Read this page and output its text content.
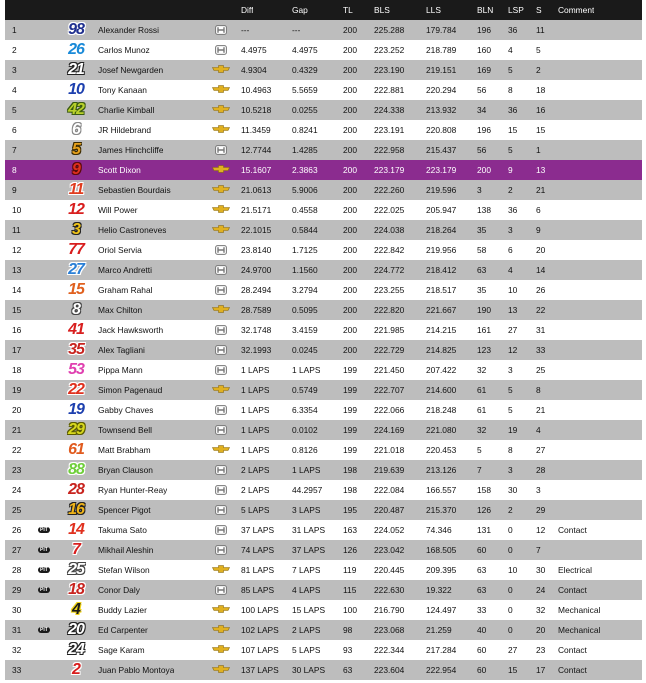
Diff	Gap	TL	BLS	LLS	BLN LSP S Comment
1	98	Alexander Rossi	---	---	200 225.288	179.784 196 36 11
2	26	Carlos Munoz	4.4975	4.4975	200 223.252	218.789 160 4	5
3	21	Josef Newgarden	4.9304	0.4329	200 223.190	219.151 169 5	2
4	10	Tony Kanaan	10.4963 5.5659	200 222.881	220.294 56	8	18
5	42	Charlie Kimball	10.5218 0.0255	200 224.338	213.932 34	36 16
6	6	JR Hildebrand	11.3459	0.8241	200 223.191	220.808 196 15 15
7	5	James Hinchcliffe	12.7744 1.4285	200 222.958	215.437 56	5	1
8	9	Scott Dixon	15.1607 2.3863	200 223.179	223.179 200 9	13
9	11	Sebastien Bourdais	21.0613 5.9006	200 222.260	219.596 3	2	21
10	12	Will Power	21.5171 0.4558	200 222.025	205.947 138 36 6
11	3	Helio Castroneves	22.1015 0.5844	200 224.038	218.264 35	3	9
12	77	Oriol Servia	23.8140 1.7125	200 222.842	219.956 58	6	20
13	27	Marco Andretti	24.9700 1.1560	200 224.772	218.412 63	4	14
14	15	Graham Rahal	28.2494 3.2794	200 223.255	218.517 35	10 26
15	8	Max Chilton	28.7589 0.5095	200 222.820	221.667 190 13 22
16	41	Jack Hawksworth	32.1748 3.4159	200 221.985	214.215 161 27 31
17	35	Alex Tagliani	32.1993 0.0245	200 222.729	214.825 123 12 33
18	53	Pippa Mann	1 LAPS	1 LAPS	199 221.450	207.422 32	3	25
19	22	Simon Pagenaud	1 LAPS	0.5749	199 222.707	214.600 61	5	8
20	19	Gabby Chaves	1 LAPS	6.3354	199 222.066	218.248 61	5	21
21	29	Townsend Bell	1 LAPS	0.0102	199 224.169	221.080 32	19 4
22	61	Matt Brabham	1 LAPS	0.8126	199 221.018	220.453 5	8	27
23	88	Bryan Clauson	2 LAPS	1 LAPS	198 219.639	213.126 7	3	28
24	28	Ryan Hunter-Reay	2 LAPS	44.2957 198 222.084	166.557 158 30 3
25	16	Spencer Pigot	5 LAPS	3 LAPS	195 220.487	215.370 126 2	29
26	PIT	14	Takuma Sato	37 LAPS 31 LAPS 163 224.052	74.346	131 0	12 Contact
27	PIT	7	Mikhail Aleshin	74 LAPS 37 LAPS 126 223.042	168.505 60	0	7
28	PIT	25	Stefan Wilson	81 LAPS 7 LAPS	119 220.445	209.395 63	10 30 Electrical
29	PIT	18	Conor Daly	85 LAPS 4 LAPS	115 222.630	19.322	63	0	24 Contact
30	4	Buddy Lazier	100 LAPS 15 LAPS 100 216.790	124.497 33	0	32 Mechanical
31	PIT	20	Ed Carpenter	102 LAPS 2 LAPS	98	223.068	21.259	40	0	20 Mechanical
32	24	Sage Karam	107 LAPS 5 LAPS	93	222.344	217.284 60	27 23 Contact
33	2	Juan Pablo Montoya	137 LAPS 30 LAPS 63	223.604	222.954 60	15 17 Contact
